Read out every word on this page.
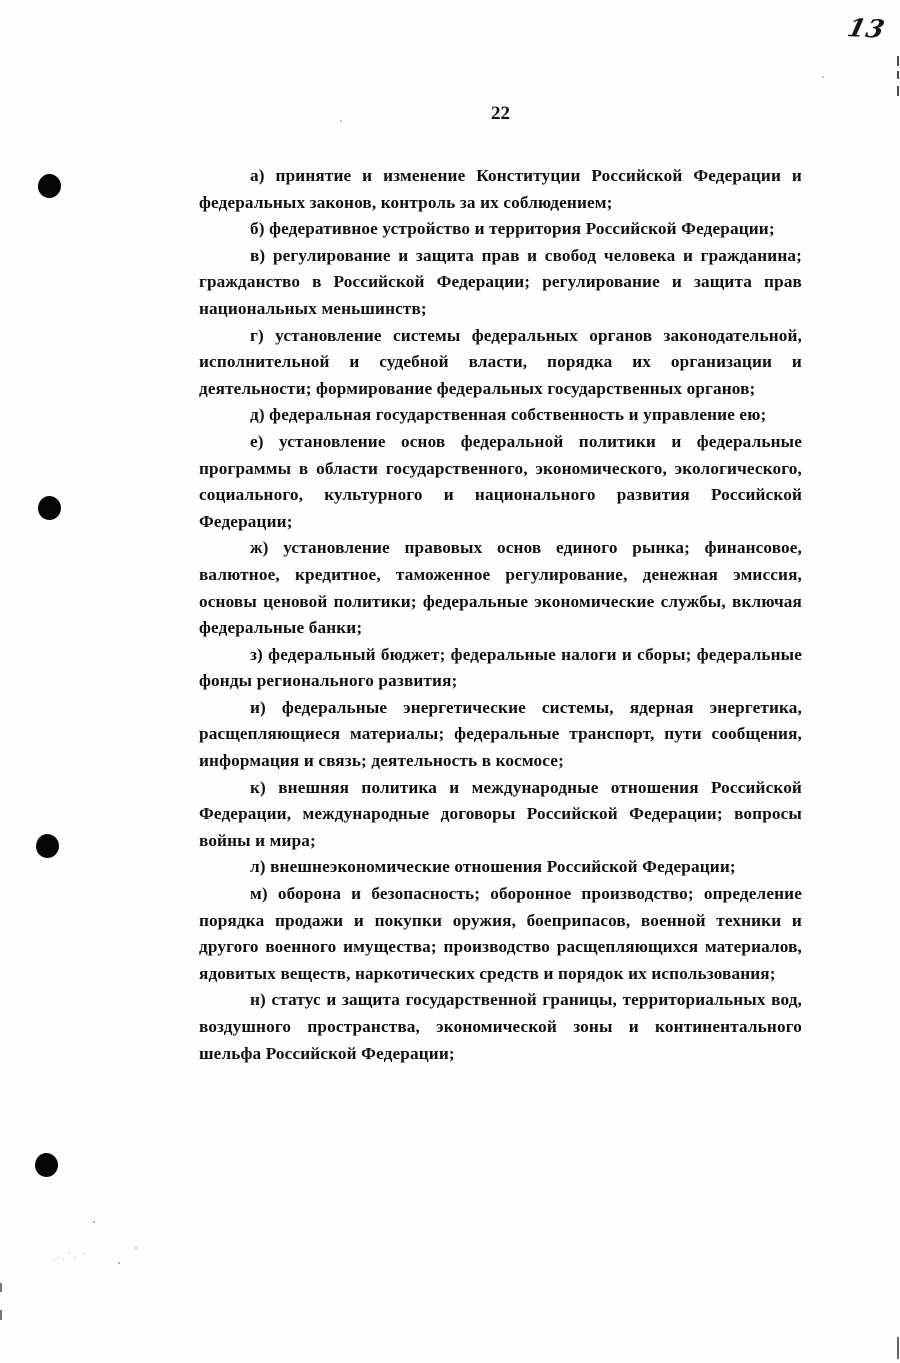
13
22

а) принятие и изменение Конституции Российской Федерации и федеральных законов, контроль за их соблюдением;

б) федеративное устройство и территория Российской Федерации;

в) регулирование и защита прав и свобод человека и гражданина; гражданство в Российской Федерации; регулирование и защита прав национальных меньшинств;

г) установление системы федеральных органов законодательной, исполнительной и судебной власти, порядка их организации и деятельности; формирование федеральных государственных органов;

д) федеральная государственная собственность и управление ею;

е) установление основ федеральной политики и федеральные программы в области государственного, экономического, экологического, социального, культурного и национального развития Российской Федерации;

ж) установление правовых основ единого рынка; финансовое, валютное, кредитное, таможенное регулирование, денежная эмиссия, основы ценовой политики; федеральные экономические службы, включая федеральные банки;

з) федеральный бюджет; федеральные налоги и сборы; федеральные фонды регионального развития;

и) федеральные энергетические системы, ядерная энергетика, расщепляющиеся материалы; федеральные транспорт, пути сообщения, информация и связь; деятельность в космосе;

к) внешняя политика и международные отношения Российской Федерации, международные договоры Российской Федерации; вопросы войны и мира;

л) внешнеэкономические отношения Российской Федерации;

м) оборона и безопасность; оборонное производство; определение порядка продажи и покупки оружия, боеприпасов, военной техники и другого военного имущества; производство расщепляющихся материалов, ядовитых веществ, наркотических средств и порядок их использования;

н) статус и защита государственной границы, территориальных вод, воздушного пространства, экономической зоны и континентального шельфа Российской Федерации;

.·․´․ ·
